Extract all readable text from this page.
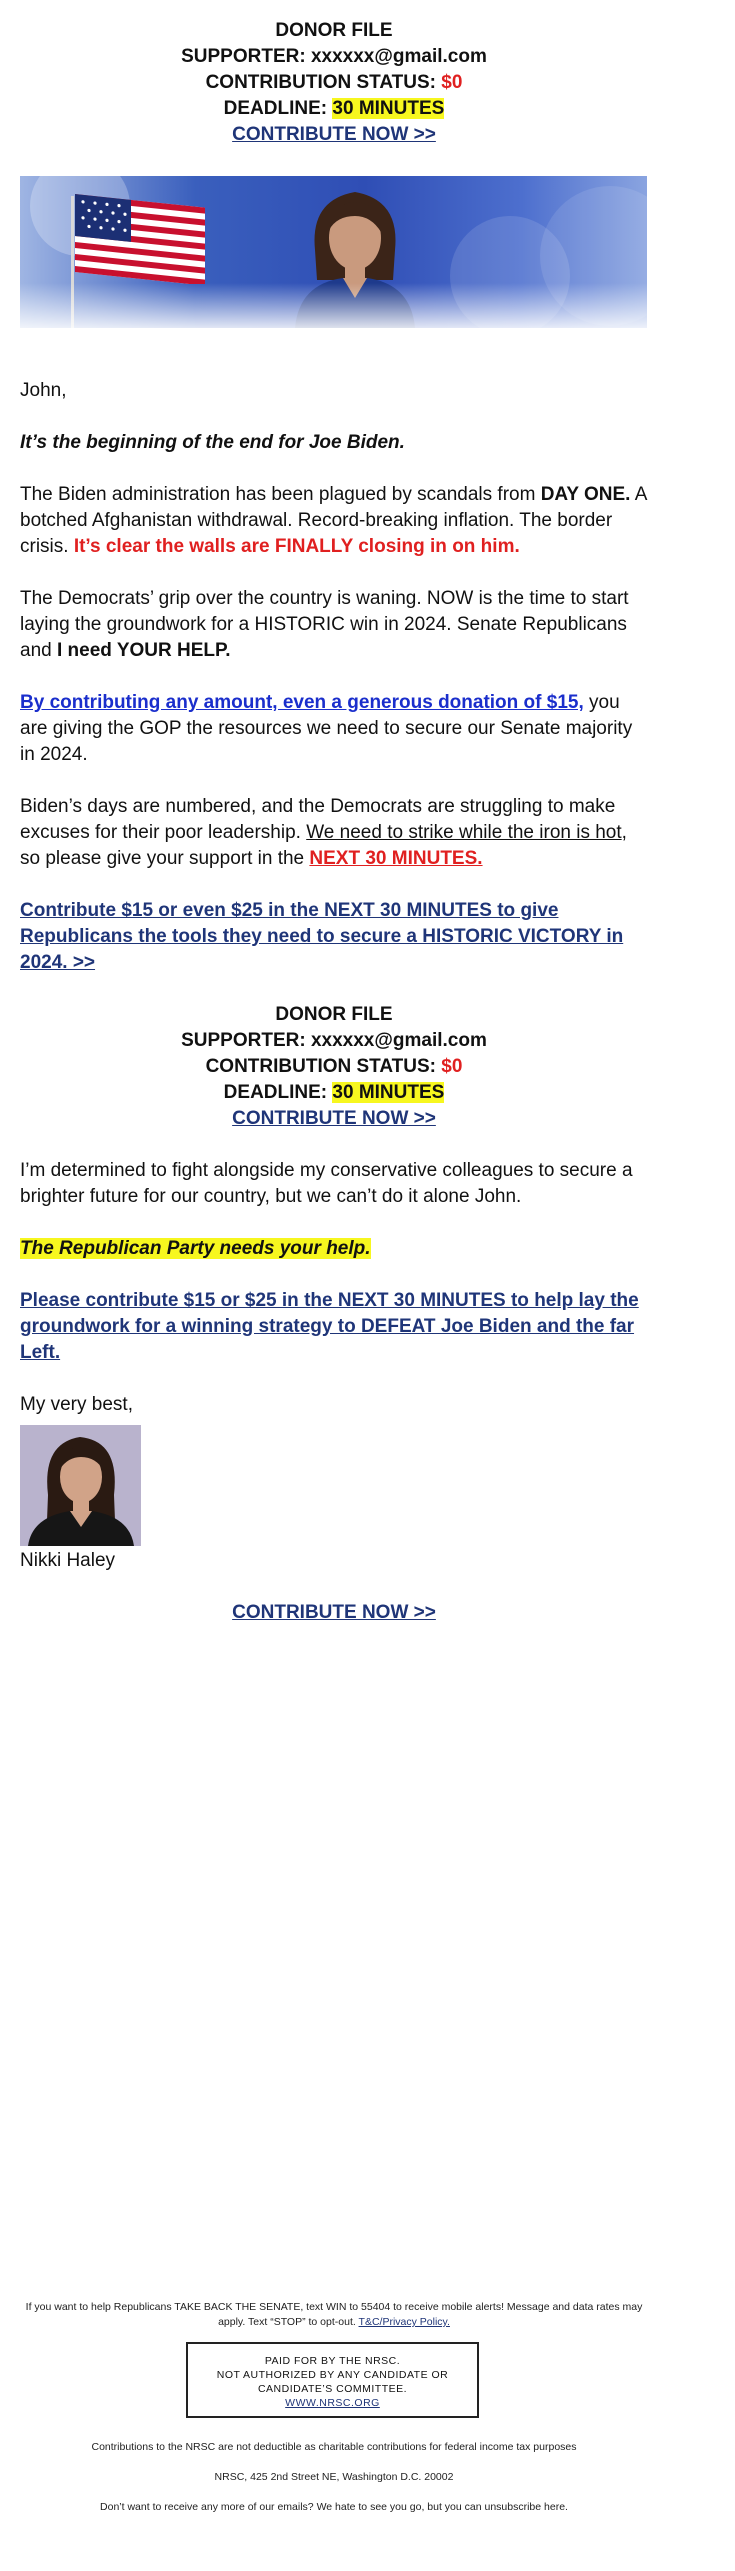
DONOR FILE
SUPPORTER: xxxxxx@gmail.com
CONTRIBUTION STATUS: $0
DEADLINE: 30 MINUTES
CONTRIBUTE NOW >>
John,
It’s the beginning of the end for Joe Biden.
The Biden administration has been plagued by scandals from DAY ONE. A botched Afghanistan withdrawal. Record-breaking inflation. The border crisis. It’s clear the walls are FINALLY closing in on him.
The Democrats’ grip over the country is waning. NOW is the time to start laying the groundwork for a HISTORIC win in 2024. Senate Republicans and I need YOUR HELP.
By contributing any amount, even a generous donation of $15, you are giving the GOP the resources we need to secure our Senate majority in 2024.
Biden’s days are numbered, and the Democrats are struggling to make excuses for their poor leadership. We need to strike while the iron is hot, so please give your support in the NEXT 30 MINUTES.
Contribute $15 or even $25 in the NEXT 30 MINUTES to give Republicans the tools they need to secure a HISTORIC VICTORY in 2024. >>
DONOR FILE
SUPPORTER: xxxxxx@gmail.com
CONTRIBUTION STATUS: $0
DEADLINE: 30 MINUTES
CONTRIBUTE NOW >>
I’m determined to fight alongside my conservative colleagues to secure a brighter future for our country, but we can’t do it alone John.
The Republican Party needs your help.
Please contribute $15 or $25 in the NEXT 30 MINUTES to help lay the groundwork for a winning strategy to DEFEAT Joe Biden and the far Left.
My very best,
Nikki Haley
CONTRIBUTE NOW >>
If you want to help Republicans TAKE BACK THE SENATE, text WIN to 55404 to receive mobile alerts! Message and data rates may apply. Text “STOP” to opt-out. T&C/Privacy Policy.
PAID FOR BY THE NRSC.
NOT AUTHORIZED BY ANY CANDIDATE OR CANDIDATE’S COMMITTEE.
WWW.NRSC.ORG
Contributions to the NRSC are not deductible as charitable contributions for federal income tax purposes
NRSC, 425 2nd Street NE, Washington D.C. 20002
Don’t want to receive any more of our emails? We hate to see you go, but you can unsubscribe here.
